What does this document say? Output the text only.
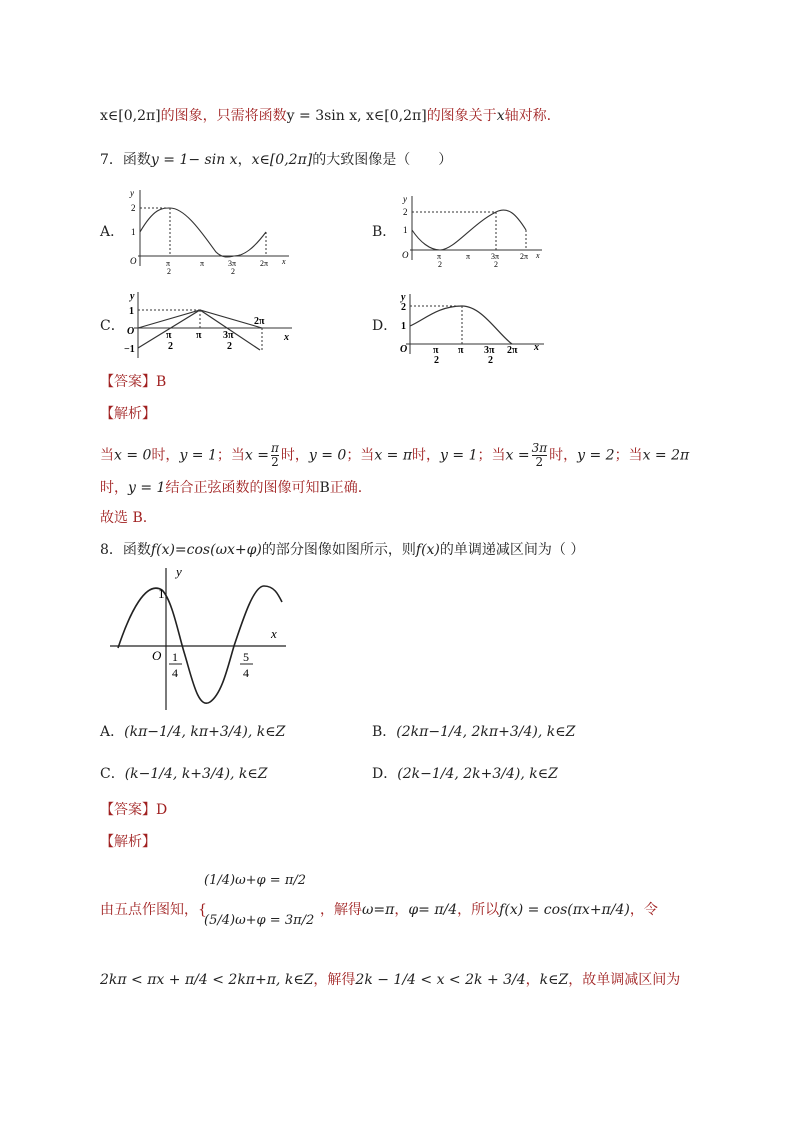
x∈[0,2π]的图象，只需将函数y = 3sin x, x∈[0,2π]的图象关于x轴对称.
7．函数y = 1− sin x，x∈[0,2π]的大致图像是（　　）
A．	B．
C．	D．
y
2
1
O	π
2
π	3π
2
2π x
y
2
1
O	π
2
π	3π
2
2π x
y
1
−1
O	π
2
π 3π
2
2π
x
y
2
1
O	π
2
π 3π
2
2π x
【答案】B
【解析】
当x = 0时，y = 1；当$x = \frac{\pi}{2}$ 时，y = 0；当x = π时，y = 1；当$x = \frac{3\pi}{2}$ 时，y = 2；当x = 2π
时，y = 1结合正弦函数的图像可知B正确.
故选 B.
8．函数f(x)=cos(ωx+φ)的部分图像如图所示，则f(x)的单调递减区间为（ ）
y
1
x
O 1
4
5
4
A．(kπ−1/4, kπ+3/4), k∈Z	B．(2kπ−1/4, 2kπ+3/4), k∈Z
C．(k−1/4, k+3/4), k∈Z	D．(2k−1/4, 2k+3/4), k∈Z
【答案】D
【解析】
由五点作图知，{
(1/4)ω+φ = π/2
(5/4)ω+φ = 3π/2
，解得ω=π，φ= π/4，所以f(x) = cos(πx+π/4)，令
2kπ < πx + π/4 < 2kπ+π, k∈Z，解得2k − 1/4 < x < 2k + 3/4，k∈Z，故单调减区间为
